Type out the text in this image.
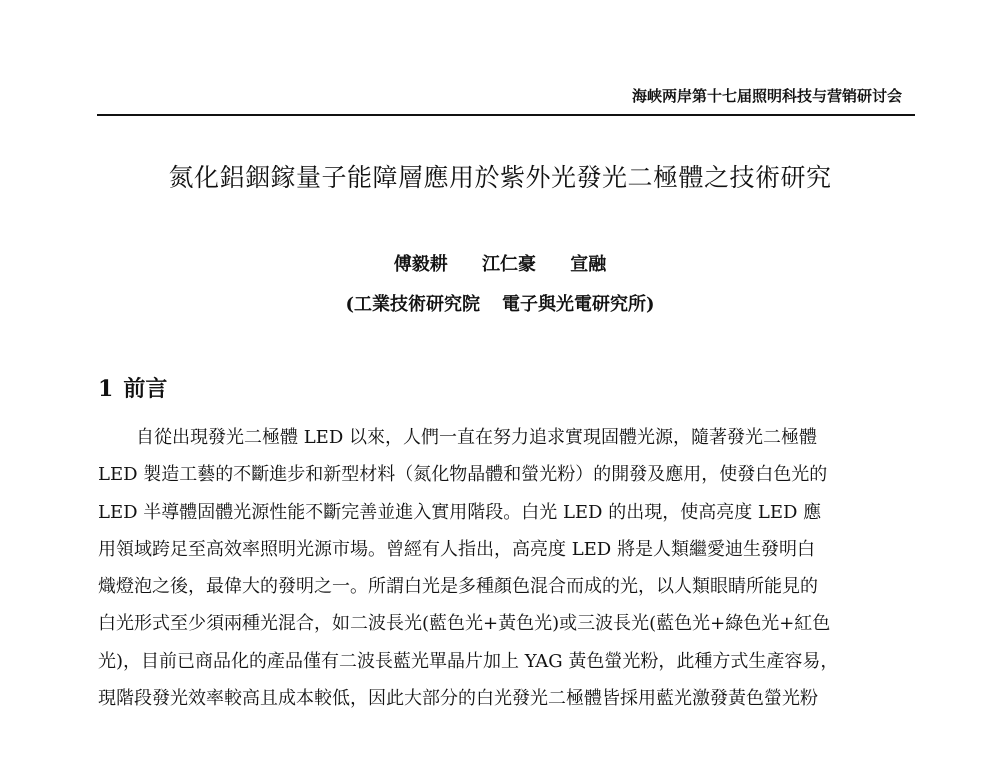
海峡两岸第十七届照明科技与营销研讨会
氮化鋁銦鎵量子能障層應用於紫外光發光二極體之技術研究
傅毅耕 江仁豪 宣融
(工業技術研究院 電子與光電研究所)
1 前言
自從出現發光二極體 LED 以來，人們一直在努力追求實現固體光源，隨著發光二極體
LED 製造工藝的不斷進步和新型材料（氮化物晶體和螢光粉）的開發及應用，使發白色光的
LED 半導體固體光源性能不斷完善並進入實用階段。白光 LED 的出現，使高亮度 LED 應
用領域跨足至高效率照明光源市場。曾經有人指出，高亮度 LED 將是人類繼愛迪生發明白
熾燈泡之後，最偉大的發明之一。所謂白光是多種顏色混合而成的光，以人類眼睛所能見的
白光形式至少須兩種光混合，如二波長光(藍色光+黃色光)或三波長光(藍色光+綠色光+紅色
光)，目前已商品化的產品僅有二波長藍光單晶片加上 YAG 黃色螢光粉，此種方式生產容易，
現階段發光效率較高且成本較低，因此大部分的白光發光二極體皆採用藍光激發黃色螢光粉
